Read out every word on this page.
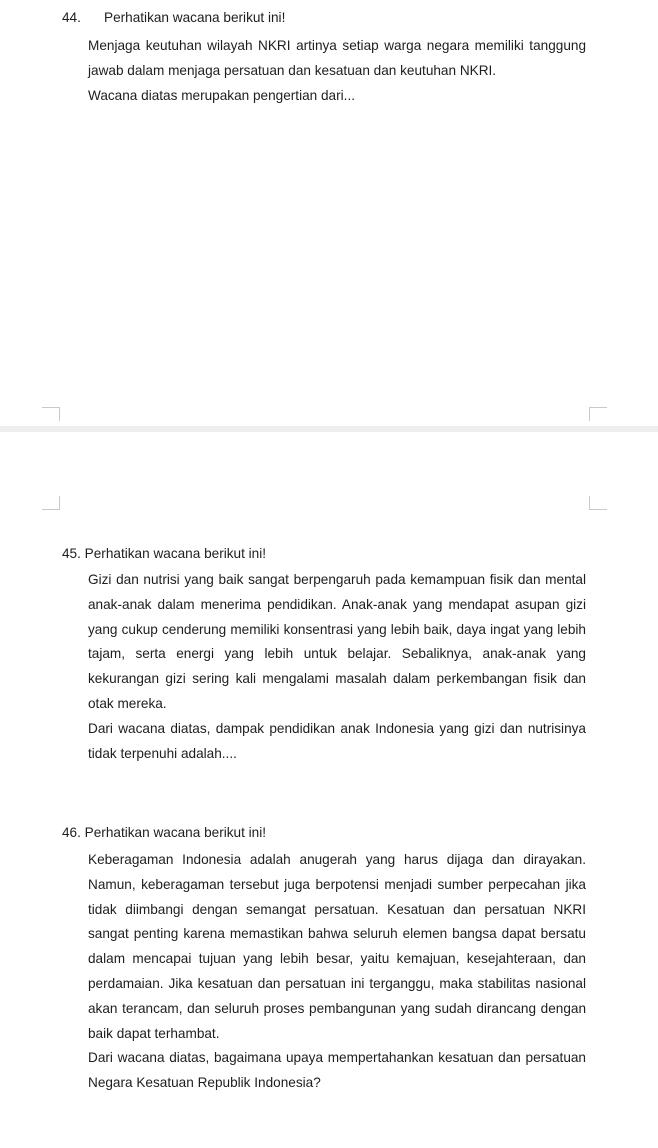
44. Perhatikan wacana berikut ini!

Menjaga keutuhan wilayah NKRI artinya setiap warga negara memiliki tanggung jawab dalam menjaga persatuan dan kesatuan dan keutuhan NKRI.

Wacana diatas merupakan pengertian dari...

45. Perhatikan wacana berikut ini!

Gizi dan nutrisi yang baik sangat berpengaruh pada kemampuan fisik dan mental anak-anak dalam menerima pendidikan. Anak-anak yang mendapat asupan gizi yang cukup cenderung memiliki konsentrasi yang lebih baik, daya ingat yang lebih tajam, serta energi yang lebih untuk belajar. Sebaliknya, anak-anak yang kekurangan gizi sering kali mengalami masalah dalam perkembangan fisik dan otak mereka.

Dari wacana diatas, dampak pendidikan anak Indonesia yang gizi dan nutrisinya tidak terpenuhi adalah....

46. Perhatikan wacana berikut ini!

Keberagaman Indonesia adalah anugerah yang harus dijaga dan dirayakan. Namun, keberagaman tersebut juga berpotensi menjadi sumber perpecahan jika tidak diimbangi dengan semangat persatuan. Kesatuan dan persatuan NKRI sangat penting karena memastikan bahwa seluruh elemen bangsa dapat bersatu dalam mencapai tujuan yang lebih besar, yaitu kemajuan, kesejahteraan, dan perdamaian. Jika kesatuan dan persatuan ini terganggu, maka stabilitas nasional akan terancam, dan seluruh proses pembangunan yang sudah dirancang dengan baik dapat terhambat.

Dari wacana diatas, bagaimana upaya mempertahankan kesatuan dan persatuan Negara Kesatuan Republik Indonesia?
